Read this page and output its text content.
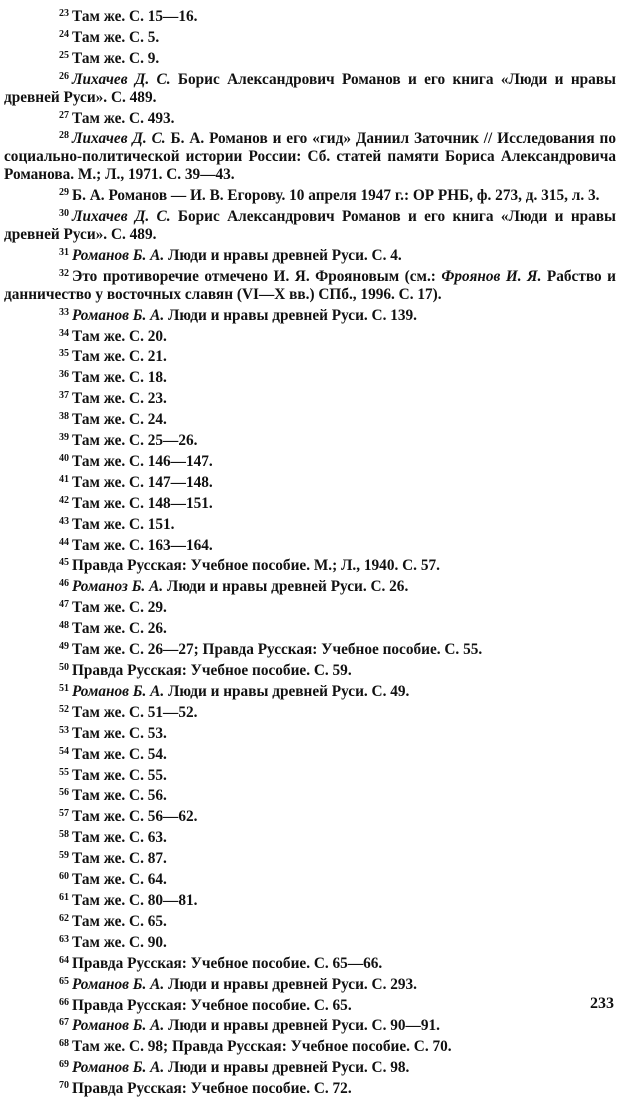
$^{23}$ Там же. С. 15—16.

$^{24}$ Там же. С. 5.

$^{25}$ Там же. С. 9.

$^{26}$ Лихачев Д. С. Борис Александрович Романов и его книга «Люди и нравы древней Руси». С. 489.

$^{27}$ Там же. С. 493.

$^{28}$ Лихачев Д. С. Б. А. Романов и его «гид» Даниил Заточник // Исследования по социально-политической истории России: Сб. статей памяти Бориса Александровича Романова. М.; Л., 1971. С. 39—43.

$^{29}$ Б. А. Романов — И. В. Егорову. 10 апреля 1947 г.: ОР РНБ, ф. 273, д. 315, л. 3.

$^{30}$ Лихачев Д. С. Борис Александрович Романов и его книга «Люди и нравы древней Руси». С. 489.

$^{31}$ Романов Б. А. Люди и нравы древней Руси. С. 4.

$^{32}$ Это противоречие отмечено И. Я. Фрояновым (см.: Фроянов И. Я. Рабство и данничество у восточных славян (VI—X вв.) СПб., 1996. С. 17).

$^{33}$ Романов Б. А. Люди и нравы древней Руси. С. 139.

$^{34}$ Там же. С. 20.

$^{35}$ Там же. С. 21.

$^{36}$ Там же. С. 18.

$^{37}$ Там же. С. 23.

$^{38}$ Там же. С. 24.

$^{39}$ Там же. С. 25—26.

$^{40}$ Там же. С. 146—147.

$^{41}$ Там же. С. 147—148.

$^{42}$ Там же. С. 148—151.

$^{43}$ Там же. С. 151.

$^{44}$ Там же. С. 163—164.

$^{45}$ Правда Русская: Учебное пособие. М.; Л., 1940. С. 57.

$^{46}$ Романоз Б. А. Люди и нравы древней Руси. С. 26.

$^{47}$ Там же. С. 29.

$^{48}$ Там же. С. 26.

$^{49}$ Там же. С. 26—27; Правда Русская: Учебное пособие. С. 55.

$^{50}$ Правда Русская: Учебное пособие. С. 59.

$^{51}$ Романов Б. А. Люди и нравы древней Руси. С. 49.

$^{52}$ Там же. С. 51—52.

$^{53}$ Там же. С. 53.

$^{54}$ Там же. С. 54.

$^{55}$ Там же. С. 55.

$^{56}$ Там же. С. 56.

$^{57}$ Там же. С. 56—62.

$^{58}$ Там же. С. 63.

$^{59}$ Там же. С. 87.

$^{60}$ Там же. С. 64.

$^{61}$ Там же. С. 80—81.

$^{62}$ Там же. С. 65.

$^{63}$ Там же. С. 90.

$^{64}$ Правда Русская: Учебное пособие. С. 65—66.

$^{65}$ Романов Б. А. Люди и нравы древней Руси. С. 293.

$^{66}$ Правда Русская: Учебное пособие. С. 65.

$^{67}$ Романов Б. А. Люди и нравы древней Руси. С. 90—91.

$^{68}$ Там же. С. 98; Правда Русская: Учебное пособие. С. 70.

$^{69}$ Романов Б. А. Люди и нравы древней Руси. С. 98.

$^{70}$ Правда Русская: Учебное пособие. С. 72.

233
